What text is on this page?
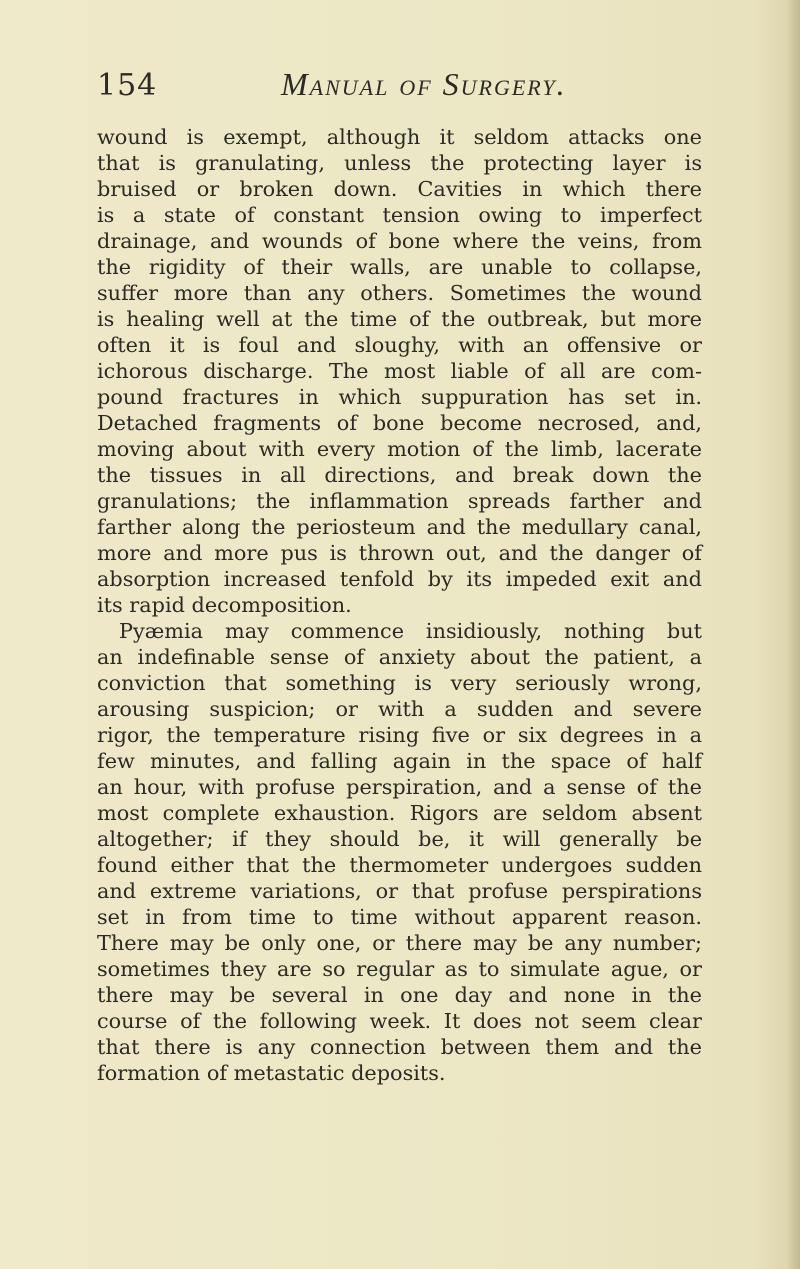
154	Manual of Surgery.

wound is exempt, although it seldom attacks one
that is granulating, unless the protecting layer is
bruised or broken down. Cavities in which there
is a state of constant tension owing to imperfect
drainage, and wounds of bone where the veins, from
the rigidity of their walls, are unable to collapse,
suffer more than any others. Sometimes the wound
is healing well at the time of the outbreak, but more
often it is foul and sloughy, with an offensive or
ichorous discharge. The most liable of all are com-
pound fractures in which suppuration has set in.
Detached fragments of bone become necrosed, and,
moving about with every motion of the limb, lacerate
the tissues in all directions, and break down the
granulations; the inflammation spreads farther and
farther along the periosteum and the medullary canal,
more and more pus is thrown out, and the danger of
absorption increased tenfold by its impeded exit and
its rapid decomposition.

Pyæmia may commence insidiously, nothing but
an indefinable sense of anxiety about the patient, a
conviction that something is very seriously wrong,
arousing suspicion; or with a sudden and severe
rigor, the temperature rising five or six degrees in a
few minutes, and falling again in the space of half
an hour, with profuse perspiration, and a sense of the
most complete exhaustion. Rigors are seldom absent
altogether; if they should be, it will generally be
found either that the thermometer undergoes sudden
and extreme variations, or that profuse perspirations
set in from time to time without apparent reason.
There may be only one, or there may be any number;
sometimes they are so regular as to simulate ague, or
there may be several in one day and none in the
course of the following week. It does not seem clear
that there is any connection between them and the
formation of metastatic deposits.
